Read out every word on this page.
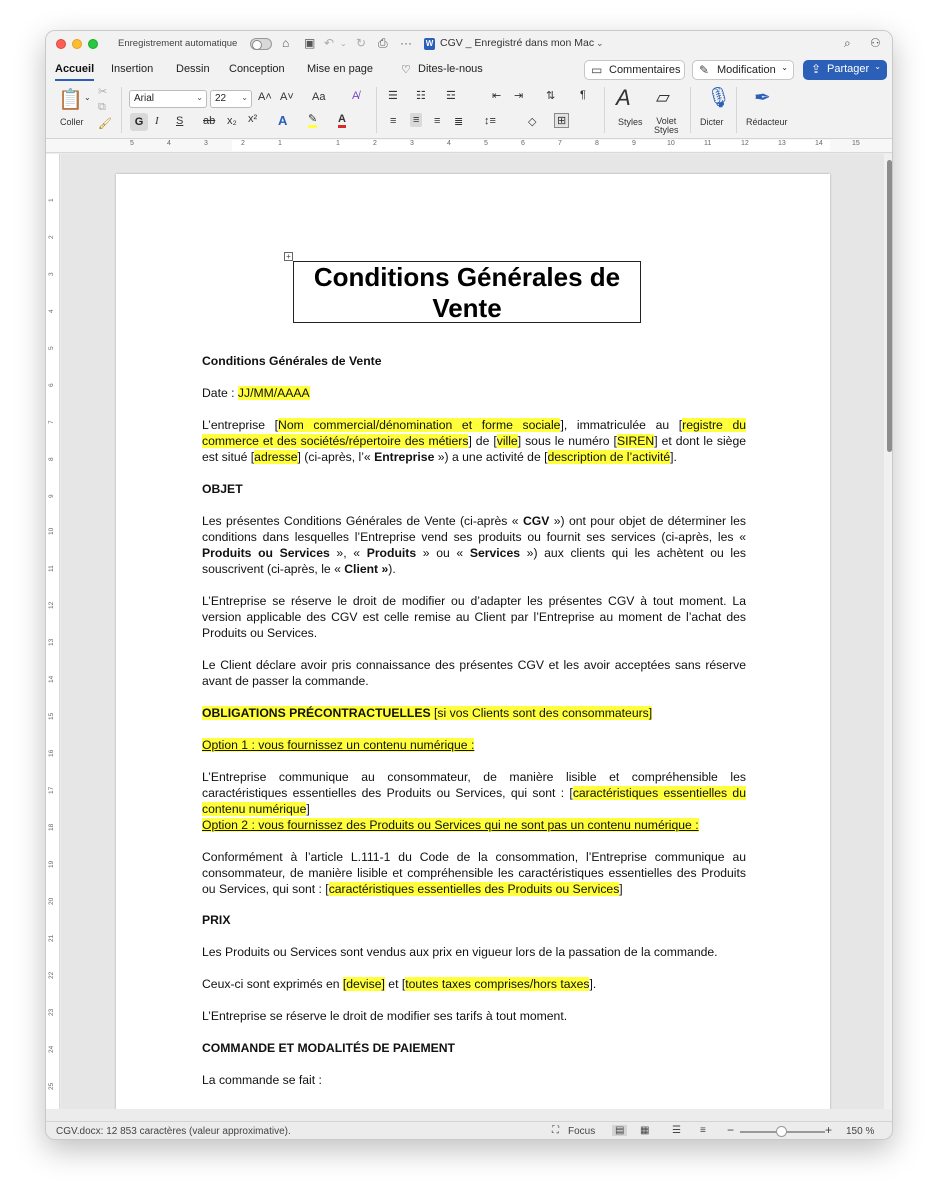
Enregistrement automatique	⌂ ▣ ↶ ⌄ ↻ ⎙ ··· W CGV _ Enregistré dans mon Mac ⌄	⌕ ⚇
Accueil Insertion Dessin Conception Mise en page	♡ Dites-le-nous	▭ Commentaires	✎ Modification ⌄ ⇪ Partager ⌄
📋 ⌄
Coller
✂
⧉
🖌
Arial	⌄	22 ⌄ A˄ A˅ Aa A̸
G	I S ab x₂ x² A ✎ A
☰ ☷ ☲	⇤ ⇥ ⇅ ¶
≡ ≡ ≡ ≣ ↕≡	◇ ⊞
A
Styles
▱
Volet
Styles
🎙
Dicter
✒
Rédacteur
5	4	3	2	1	1	2	3	4	5	6	7	8	9	10	11	12	13	14	15
1
2
3
4
5
6
7
8
9
10
11
12
13
14
15
16
17
18
19
20
21
22
23
24
25
+
Conditions Générales de
Vente
Conditions Générales de Vente
Date : JJ/MM/AAAA
L’entreprise [Nom commercial/dénomination et forme sociale], immatriculée au [registre du commerce et des sociétés/répertoire des métiers] de [ville] sous le numéro [SIREN] et dont le siège est situé [adresse] (ci-après, l’« Entreprise ») a une activité de [description de l’activité].
OBJET
Les présentes Conditions Générales de Vente (ci-après « CGV ») ont pour objet de déterminer les conditions dans lesquelles l’Entreprise vend ses produits ou fournit ses services (ci-après, les « Produits ou Services », « Produits » ou « Services ») aux clients qui les achètent ou les souscrivent (ci-après, le « Client »).
L’Entreprise se réserve le droit de modifier ou d’adapter les présentes CGV à tout moment. La version applicable des CGV est celle remise au Client par l’Entreprise au moment de l’achat des Produits ou Services.
Le Client déclare avoir pris connaissance des présentes CGV et les avoir acceptées sans réserve avant de passer la commande.
OBLIGATIONS PRÉCONTRACTUELLES [si vos Clients sont des consommateurs]
Option 1 : vous fournissez un contenu numérique :
L’Entreprise communique au consommateur, de manière lisible et compréhensible les caractéristiques essentielles des Produits ou Services, qui sont : [caractéristiques essentielles du contenu numérique]
Option 2 : vous fournissez des Produits ou Services qui ne sont pas un contenu numérique :
Conformément à l’article L.111-1 du Code de la consommation, l’Entreprise communique au consommateur, de manière lisible et compréhensible les caractéristiques essentielles des Produits ou Services, qui sont : [caractéristiques essentielles des Produits ou Services]
PRIX
Les Produits ou Services sont vendus aux prix en vigueur lors de la passation de la commande.
Ceux-ci sont exprimés en [devise] et [toutes taxes comprises/hors taxes].
L’Entreprise se réserve le droit de modifier ses tarifs à tout moment.
COMMANDE ET MODALITÉS DE PAIEMENT
La commande se fait :
CGV.docx: 12 853 caractères (valeur approximative).	⛶ Focus	▤	▦ ☰ ≡ −	+ 150 %
